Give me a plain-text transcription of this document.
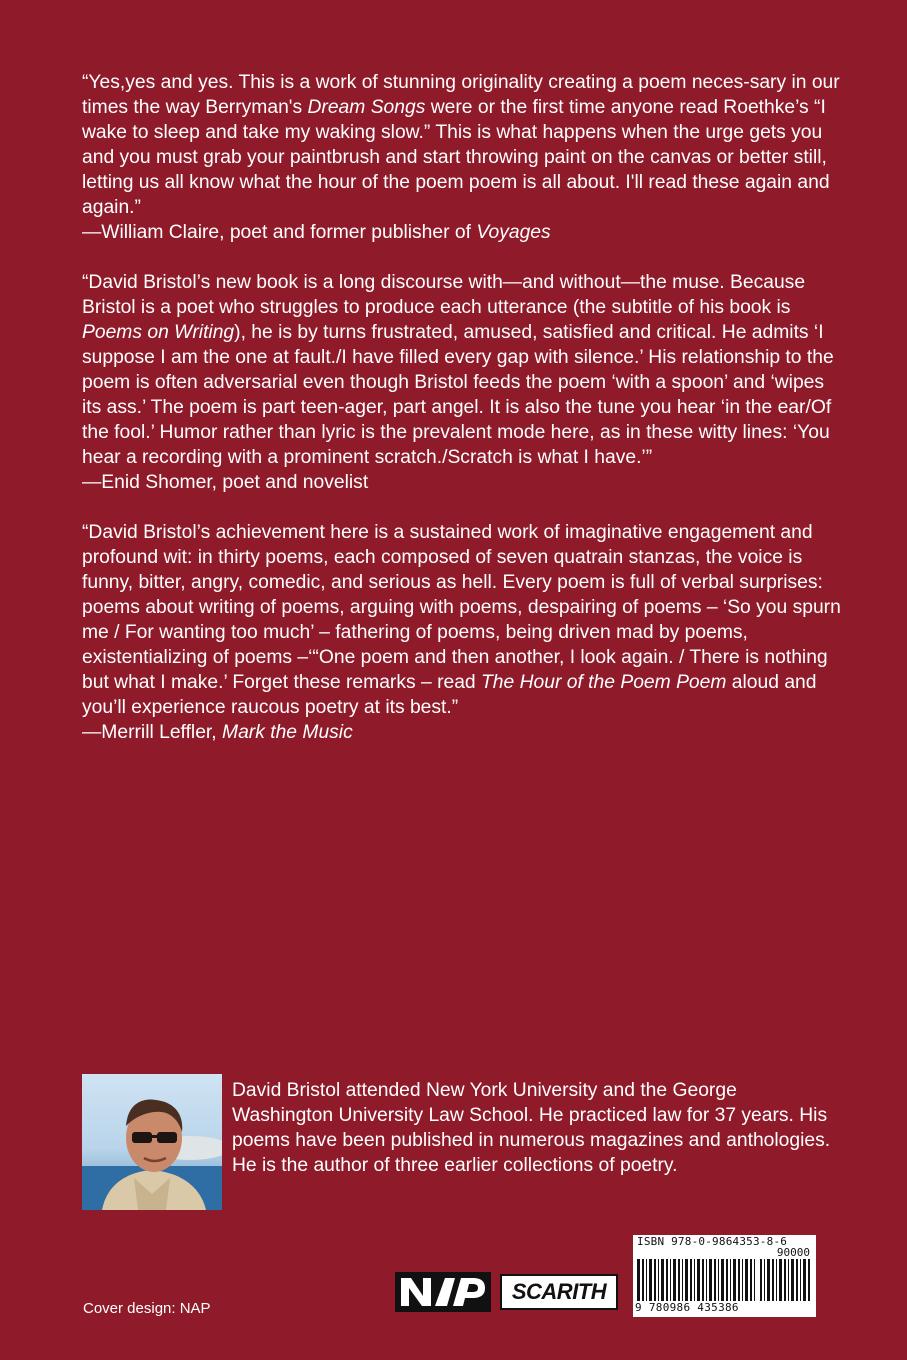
“Yes,yes and yes. This is a work of stunning originality creating a poem neces-sary in our times the way Berryman's Dream Songs were or the first time anyone read Roethke’s “I wake to sleep and take my waking slow.” This is what happens when the urge gets you and you must grab your paintbrush and start throwing paint on the canvas or better still, letting us all know what the hour of the poem poem is all about. I'll read these again and again.”

—William Claire, poet and former publisher of Voyages

“David Bristol’s new book is a long discourse with—and without—the muse. Because Bristol is a poet who struggles to produce each utterance (the subtitle of his book is Poems on Writing), he is by turns frustrated, amused, satisfied and critical. He admits ‘I suppose I am the one at fault./I have filled every gap with silence.’ His relationship to the poem is often adversarial even though Bristol feeds the poem ‘with a spoon’ and ‘wipes its ass.’ The poem is part teen-ager, part angel. It is also the tune you hear ‘in the ear/Of the fool.’ Humor rather than lyric is the prevalent mode here, as in these witty lines: ‘You hear a recording with a prominent scratch./Scratch is what I have.’”

—Enid Shomer, poet and novelist

“David Bristol’s achievement here is a sustained work of imaginative engagement and profound wit: in thirty poems, each composed of seven quatrain stanzas, the voice is funny, bitter, angry, comedic, and serious as hell. Every poem is full of verbal surprises: poems about writing of poems, arguing with poems, despairing of poems – ‘So you spurn me / For wanting too much’ – fathering of poems, being driven mad by poems, existentializing of poems –‘“One poem and then another, I look again. / There is nothing but what I make.’ Forget these remarks – read The Hour of the Poem Poem aloud and you’ll experience raucous poetry at its best.”

—Merrill Leffler, Mark the Music
David Bristol attended New York University and the George Washington University Law School. He practiced law for 37 years. His poems have been published in numerous magazines and anthologies. He is the author of three earlier collections of poetry.
Cover design: NAP
SCARITH
ISBN 978-0-9864353-8-6
90000
9 780986 435386
